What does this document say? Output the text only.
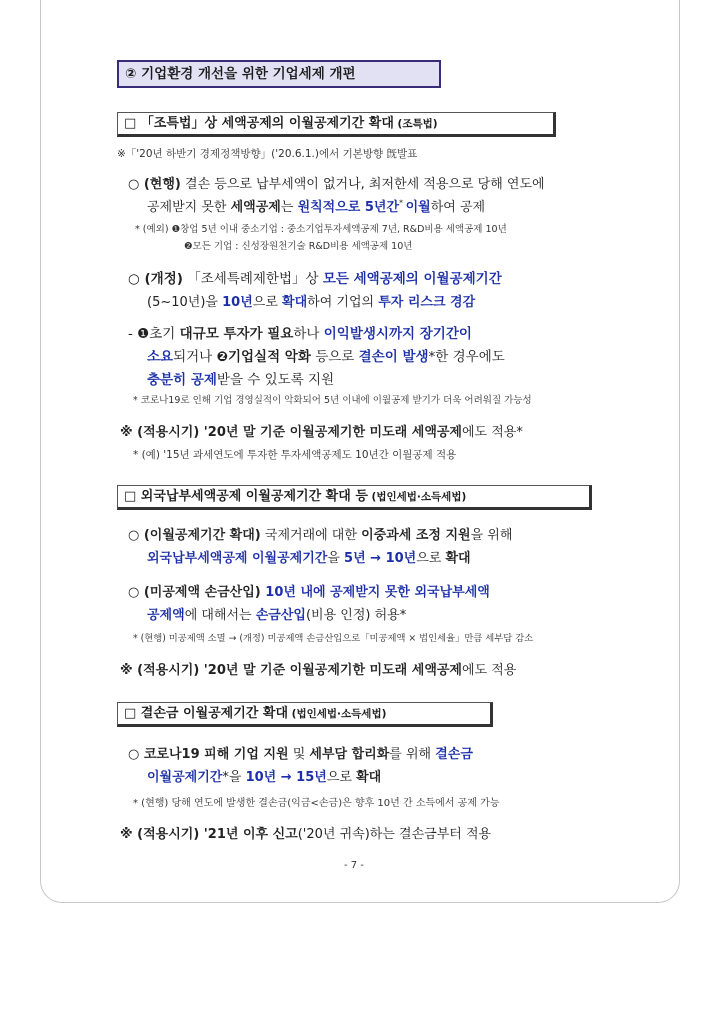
② 기업환경 개선을 위한 기업세제 개편
□ 「조특법」상 세액공제의 이월공제기간 확대 (조특법)
※「'20년 하반기 경제정책방향」('20.6.1.)에서 기본방향 旣발표
○ (현행) 결손 등으로 납부세액이 없거나, 최저한세 적용으로 당해 연도에
공제받지 못한 세액공제는 원칙적으로 5년간* 이월하여 공제
* (예외) ❶창업 5년 이내 중소기업 : 중소기업투자세액공제 7년, R&D비용 세액공제 10년
❷모든 기업 : 신성장원천기술 R&D비용 세액공제 10년
○ (개정) 「조세특례제한법」상 모든 세액공제의 이월공제기간
(5~10년)을 10년으로 확대하여 기업의 투자 리스크 경감
- ❶초기 대규모 투자가 필요하나 이익발생시까지 장기간이
소요되거나 ❷기업실적 악화 등으로 결손이 발생*한 경우에도
충분히 공제받을 수 있도록 지원
* 코로나19로 인해 기업 경영실적이 악화되어 5년 이내에 이월공제 받기가 더욱 어려워질 가능성
※ (적용시기) '20년 말 기준 이월공제기한 미도래 세액공제에도 적용*
* (예) '15년 과세연도에 투자한 투자세액공제도 10년간 이월공제 적용
□ 외국납부세액공제 이월공제기간 확대 등 (법인세법·소득세법)
○ (이월공제기간 확대) 국제거래에 대한 이중과세 조정 지원을 위해
외국납부세액공제 이월공제기간을 5년 → 10년으로 확대
○ (미공제액 손금산입) 10년 내에 공제받지 못한 외국납부세액
공제액에 대해서는 손금산입(비용 인정) 허용*
* (현행) 미공제액 소멸 → (개정) 미공제액 손금산입으로「미공제액 × 법인세율」만큼 세부담 감소
※ (적용시기) '20년 말 기준 이월공제기한 미도래 세액공제에도 적용
□ 결손금 이월공제기간 확대 (법인세법·소득세법)
○ 코로나19 피해 기업 지원 및 세부담 합리화를 위해 결손금
이월공제기간*을 10년 → 15년으로 확대
* (현행) 당해 연도에 발생한 결손금(익금<손금)은 향후 10년 간 소득에서 공제 가능
※ (적용시기) '21년 이후 신고('20년 귀속)하는 결손금부터 적용
- 7 -
